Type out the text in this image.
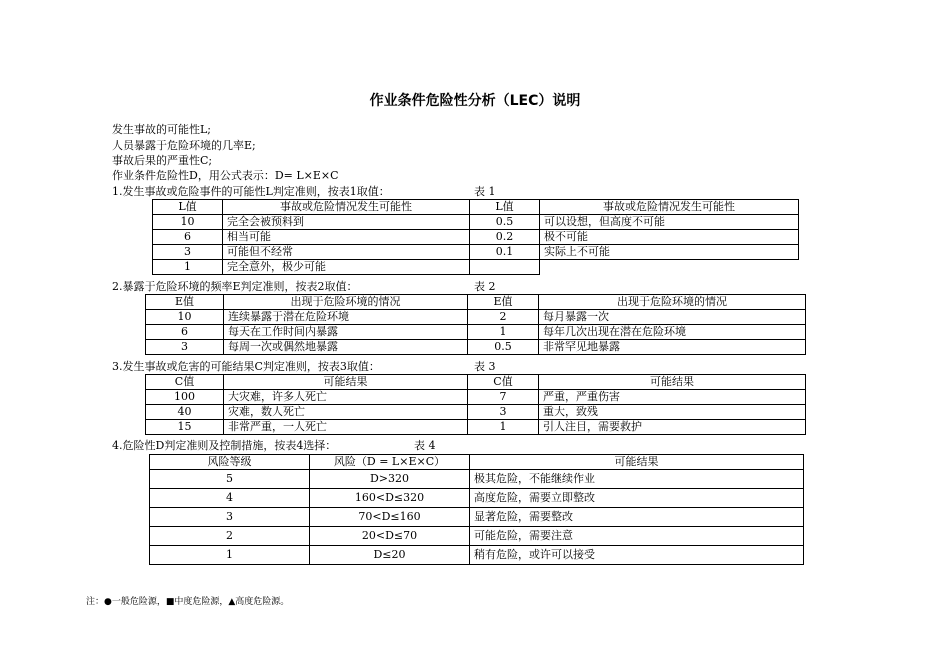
作业条件危险性分析（LEC）说明
发生事故的可能性L;
人员暴露于危险环境的几率E;
事故后果的严重性C;
作业条件危险性D，用公式表示：D= L×E×C
1.发生事故或危险事件的可能性L判定准则，按表1取值：	表 1
L值	事故或危险情况发生可能性	L值	事故或危险情况发生可能性
10	完全会被预料到	0.5	可以设想，但高度不可能
6	相当可能	0.2	极不可能
3	可能但不经常	0.1	实际上不可能
1	完全意外，极少可能		
2.暴露于危险环境的频率E判定准则，按表2取值：	表 2
E值	出现于危险环境的情况	E值	出现于危险环境的情况
10	连续暴露于潜在危险环境	2	每月暴露一次
6	每天在工作时间内暴露	1	每年几次出现在潜在危险环境
3	每周一次或偶然地暴露	0.5	非常罕见地暴露
3.发生事故或危害的可能结果C判定准则，按表3取值：	表 3
C值	可能结果	C值	可能结果
100	大灾难，许多人死亡	7	严重，严重伤害
40	灾难，数人死亡	3	重大，致残
15	非常严重，一人死亡	1	引人注目，需要救护
4.危险性D判定准则及控制措施，按表4选择：	表 4
风险等级	风险（D = L×E×C）	可能结果
5	D>320	极其危险，不能继续作业
4	160<D≤320	高度危险，需要立即整改
3	70<D≤160	显著危险，需要整改
2	20<D≤70	可能危险，需要注意
1	D≤20	稍有危险，或许可以接受
注：●一般危险源，■中度危险源，▲高度危险源。
